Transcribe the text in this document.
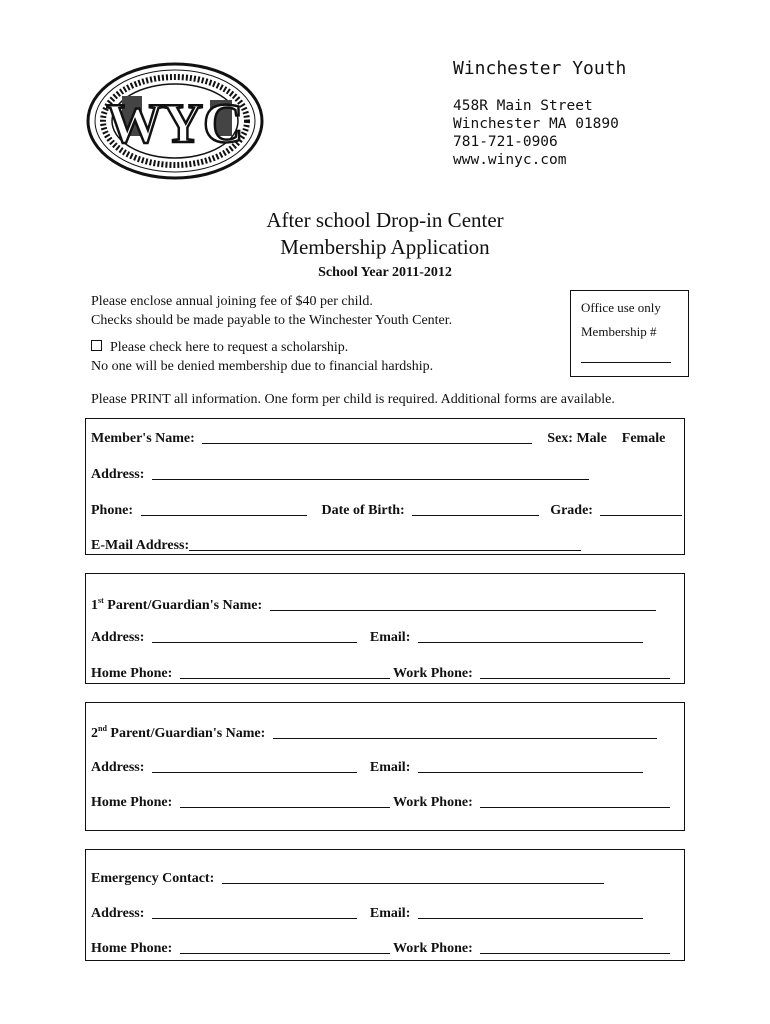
WYC
Winchester Youth
458R Main Street
Winchester MA 01890
781-721-0906
www.winyc.com
After school Drop-in Center
Membership Application
School Year 2011-2012
Please enclose annual joining fee of $40 per child.
Checks should be made payable to the Winchester Youth Center.
Please check here to request a scholarship.
No one will be denied membership due to financial hardship.
Office use only
Membership #
Please PRINT all information. One form per child is required. Additional forms are available.
Member's Name:	Sex: Male Female
Address:
Phone:	Date of Birth:	Grade:
E-Mail Address:
1st Parent/Guardian's Name:
Address:	Email:
Home Phone:	Work Phone:
2nd Parent/Guardian's Name:
Address:	Email:
Home Phone:	Work Phone:
Emergency Contact:
Address:	Email:
Home Phone:	Work Phone:
